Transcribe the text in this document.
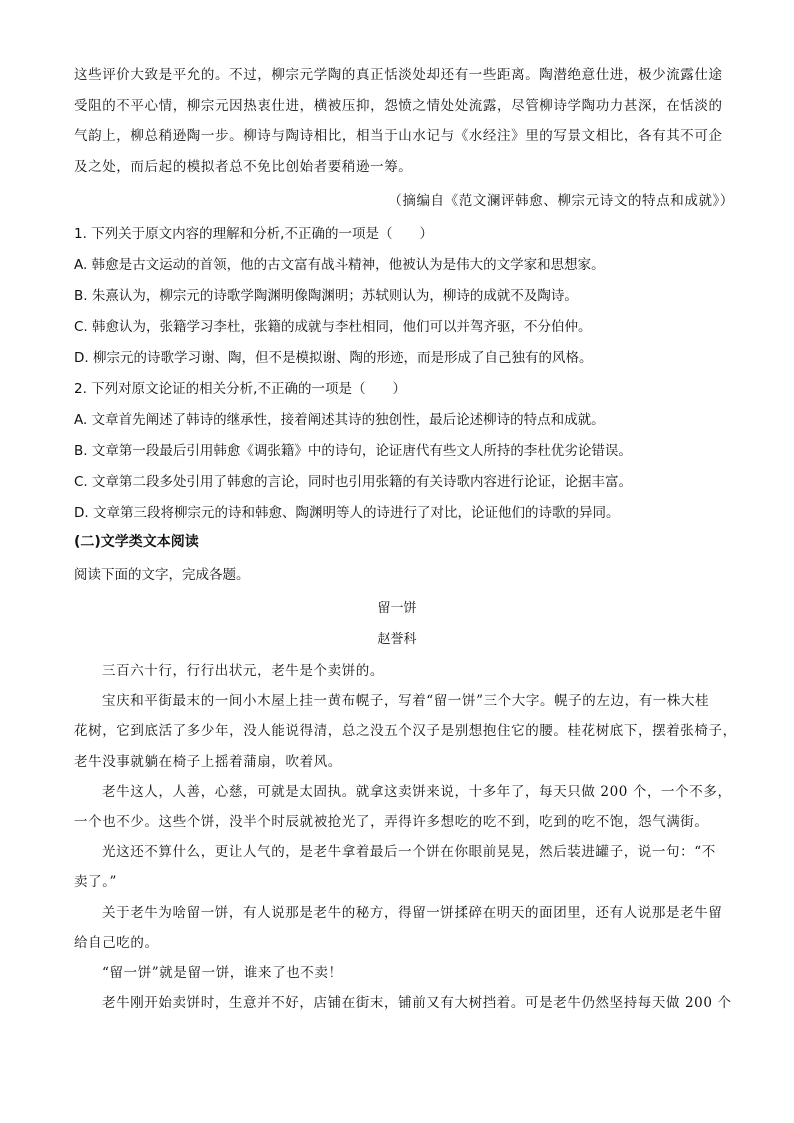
这些评价大致是平允的。不过，柳宗元学陶的真正恬淡处却还有一些距离。陶潜绝意仕进，极少流露仕途
受阻的不平心情，柳宗元因热衷仕进，横被压抑，怨愤之情处处流露，尽管柳诗学陶功力甚深，在恬淡的
气韵上，柳总稍逊陶一步。柳诗与陶诗相比，相当于山水记与《水经注》里的写景文相比，各有其不可企
及之处，而后起的模拟者总不免比创始者要稍逊一筹。
（摘编自《范文澜评韩愈、柳宗元诗文的特点和成就》）
1. 下列关于原文内容的理解和分析,不正确的一项是（　　）
A. 韩愈是古文运动的首领，他的古文富有战斗精神，他被认为是伟大的文学家和思想家。
B. 朱熹认为，柳宗元的诗歌学陶渊明像陶渊明；苏轼则认为，柳诗的成就不及陶诗。
C. 韩愈认为，张籍学习李杜，张籍的成就与李杜相同，他们可以并驾齐驱，不分伯仲。
D. 柳宗元的诗歌学习谢、陶，但不是模拟谢、陶的形迹，而是形成了自己独有的风格。
2. 下列对原文论证的相关分析,不正确的一项是（　　）
A. 文章首先阐述了韩诗的继承性，接着阐述其诗的独创性，最后论述柳诗的特点和成就。
B. 文章第一段最后引用韩愈《调张籍》中的诗句，论证唐代有些文人所持的李杜优劣论错误。
C. 文章第二段多处引用了韩愈的言论，同时也引用张籍的有关诗歌内容进行论证，论据丰富。
D. 文章第三段将柳宗元的诗和韩愈、陶渊明等人的诗进行了对比，论证他们的诗歌的异同。
(二)文学类文本阅读
阅读下面的文字，完成各题。
留一饼
赵誉科
三百六十行，行行出状元，老牛是个卖饼的。
宝庆和平街最末的一间小木屋上挂一黄布幌子，写着“留一饼”三个大字。幌子的左边，有一株大桂
花树，它到底活了多少年，没人能说得清，总之没五个汉子是别想抱住它的腰。桂花树底下，摆着张椅子，
老牛没事就躺在椅子上摇着蒲扇，吹着风。
老牛这人，人善，心慈，可就是太固执。就拿这卖饼来说，十多年了，每天只做 200 个，一个不多，
一个也不少。这些个饼，没半个时辰就被抢光了，弄得许多想吃的吃不到，吃到的吃不饱，怨气满街。
光这还不算什么，更让人气的，是老牛拿着最后一个饼在你眼前晃晃，然后装进罐子，说一句：“不
卖了。”
关于老牛为啥留一饼，有人说那是老牛的秘方，得留一饼揉碎在明天的面团里，还有人说那是老牛留
给自己吃的。
“留一饼”就是留一饼，谁来了也不卖！
老牛刚开始卖饼时，生意并不好，店铺在街末，铺前又有大树挡着。可是老牛仍然坚持每天做 200 个
